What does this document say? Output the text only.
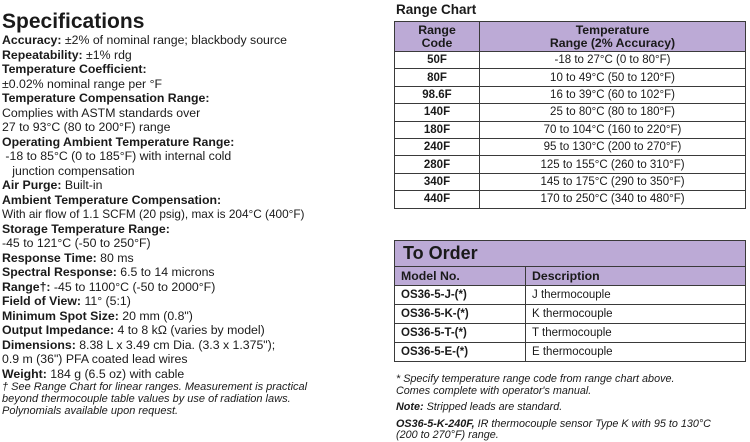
Specifications
Accuracy: ±2% of nominal range; blackbody source
Repeatability: ±1% rdg
Temperature Coefficient:
±0.02% nominal range per °F
Temperature Compensation Range:
Complies with ASTM standards over
27 to 93°C (80 to 200°F) range
Operating Ambient Temperature Range:
-18 to 85°C (0 to 185°F) with internal cold
junction compensation
Air Purge: Built-in
Ambient Temperature Compensation:
With air flow of 1.1 SCFM (20 psig), max is 204°C (400°F)
Storage Temperature Range:
-45 to 121°C (-50 to 250°F)
Response Time: 80 ms
Spectral Response: 6.5 to 14 microns
Range†: -45 to 1100°C (-50 to 2000°F)
Field of View: 11° (5:1)
Minimum Spot Size: 20 mm (0.8")
Output Impedance: 4 to 8 kΩ (varies by model)
Dimensions: 8.38 L x 3.49 cm Dia. (3.3 x 1.375");
0.9 m (36") PFA coated lead wires
Weight: 184 g (6.5 oz) with cable
† See Range Chart for linear ranges. Measurement is practical
beyond thermocouple table values by use of radiation laws.
Polynomials available upon request.
Range Chart
Range
Code	Temperature
Range (2% Accuracy)
50F	-18 to 27°C (0 to 80°F)
80F	10 to 49°C (50 to 120°F)
98.6F	16 to 39°C (60 to 102°F)
140F	25 to 80°C (80 to 180°F)
180F	70 to 104°C (160 to 220°F)
240F	95 to 130°C (200 to 270°F)
280F	125 to 155°C (260 to 310°F)
340F	145 to 175°C (290 to 350°F)
440F	170 to 250°C (340 to 480°F)
To Order
Model No.	Description
OS36-5-J-(*)	J thermocouple
OS36-5-K-(*)	K thermocouple
OS36-5-T-(*)	T thermocouple
OS36-5-E-(*)	E thermocouple
* Specify temperature range code from range chart above.
Comes complete with operator's manual.
Note: Stripped leads are standard.
OS36-5-K-240F, IR thermocouple sensor Type K with 95 to 130°C
(200 to 270°F) range.
